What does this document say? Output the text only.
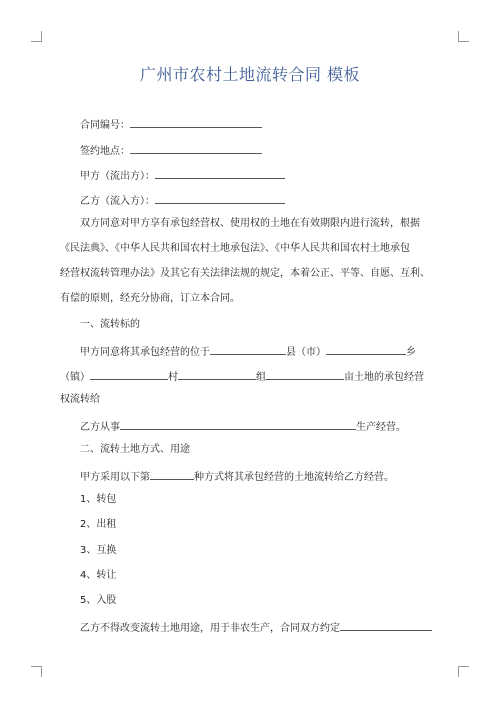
广州市农村土地流转合同 模板
合同编号：
签约地点：
甲方（流出方）：
乙方（流入方）：
双方同意对甲方享有承包经营权、使用权的土地在有效期限内进行流转，根据
《民法典》、《中华人民共和国农村土地承包法》、《中华人民共和国农村土地承包
经营权流转管理办法》及其它有关法律法规的规定，本着公正、平等、自愿、互利、
有偿的原则，经充分协商，订立本合同。
一、流转标的
甲方同意将其承包经营的位于	县（市）	乡
（镇）	村	组	亩土地的承包经营
权流转给
乙方从事	生产经营。
二、流转土地方式、用途
甲方采用以下第	种方式将其承包经营的土地流转给乙方经营。
1、转包
2、出租
3、互换
4、转让
5、入股
乙方不得改变流转土地用途，用于非农生产，合同双方约定
